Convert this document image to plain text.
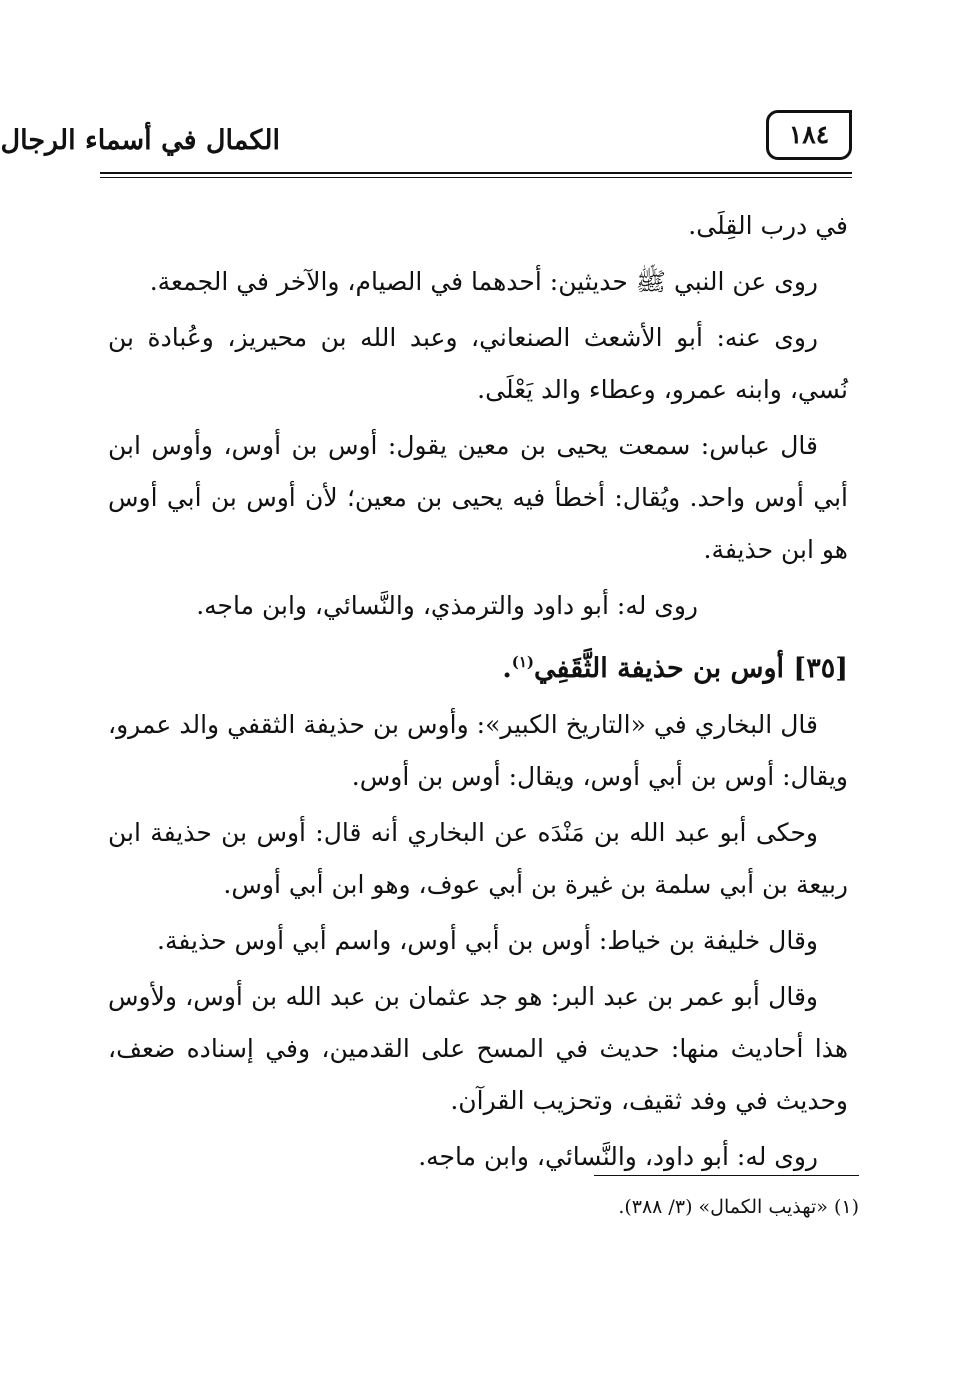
الكمال في أسماء الرجال	١٨٤

في درب القِلَى.

روى عن النبي ﷺ حديثين: أحدهما في الصيام، والآخر في الجمعة.

روى عنه: أبو الأشعث الصنعاني، وعبد الله بن محيريز، وعُبادة بن نُسي، وابنه عمرو، وعطاء والد يَعْلَى.

قال عباس: سمعت يحيى بن معين يقول: أوس بن أوس، وأوس ابن أبي أوس واحد. ويُقال: أخطأ فيه يحيى بن معين؛ لأن أوس بن أبي أوس هو ابن حذيفة.

روى له: أبو داود والترمذي، والنَّسائي، وابن ماجه.

[٣٥] أوس بن حذيفة الثَّقَفِي$^{(١)}$.

قال البخاري في «التاريخ الكبير»: وأوس بن حذيفة الثقفي والد عمرو، ويقال: أوس بن أبي أوس، ويقال: أوس بن أوس.

وحكى أبو عبد الله بن مَنْدَه عن البخاري أنه قال: أوس بن حذيفة ابن ربيعة بن أبي سلمة بن غيرة بن أبي عوف، وهو ابن أبي أوس.

وقال خليفة بن خياط: أوس بن أبي أوس، واسم أبي أوس حذيفة.

وقال أبو عمر بن عبد البر: هو جد عثمان بن عبد الله بن أوس، ولأوس هذا أحاديث منها: حديث في المسح على القدمين، وفي إسناده ضعف، وحديث في وفد ثقيف، وتحزيب القرآن.

روى له: أبو داود، والنَّسائي، وابن ماجه.

(١) «تهذيب الكمال» (٣/ ٣٨٨).
